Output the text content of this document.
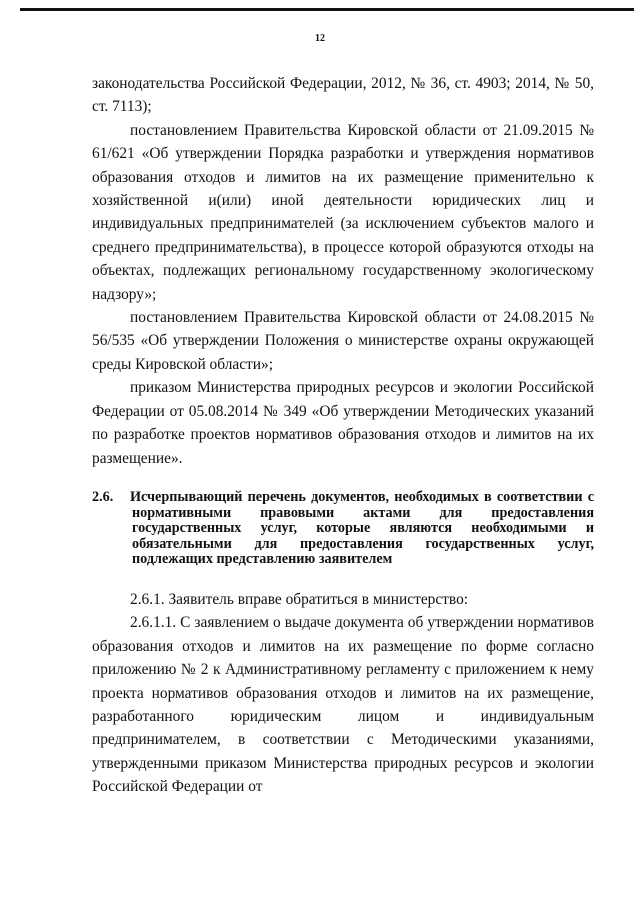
12

законодательства Российской Федерации, 2012, № 36, ст. 4903; 2014, № 50, ст. 7113);

постановлением Правительства Кировской области от 21.09.2015 № 61/621 «Об утверждении Порядка разработки и утверждения нормативов образования отходов и лимитов на их размещение применительно к хозяйственной и(или) иной деятельности юридических лиц и индивидуальных предпринимателей (за исключением субъектов малого и среднего предпринимательства), в процессе которой образуются отходы на объектах, подлежащих региональному государственному экологическому надзору»;

постановлением Правительства Кировской области от 24.08.2015 № 56/535 «Об утверждении Положения о министерстве охраны окружающей среды Кировской области»;

приказом Министерства природных ресурсов и экологии Российской Федерации от 05.08.2014 № 349 «Об утверждении Методических указаний по разработке проектов нормативов образования отходов и лимитов на их размещение».

2.6. Исчерпывающий перечень документов, необходимых в соответствии с нормативными правовыми актами для предоставления государственных услуг, которые являются необходимыми и обязательными для предоставления государственных услуг, подлежащих представлению заявителем

2.6.1. Заявитель вправе обратиться в министерство:

2.6.1.1. С заявлением о выдаче документа об утверждении нормативов образования отходов и лимитов на их размещение по форме согласно приложению № 2 к Административному регламенту с приложением к нему проекта нормативов образования отходов и лимитов на их размещение, разработанного юридическим лицом и индивидуальным предпринимателем, в соответствии с Методическими указаниями, утвержденными приказом Министерства природных ресурсов и экологии Российской Федерации от
